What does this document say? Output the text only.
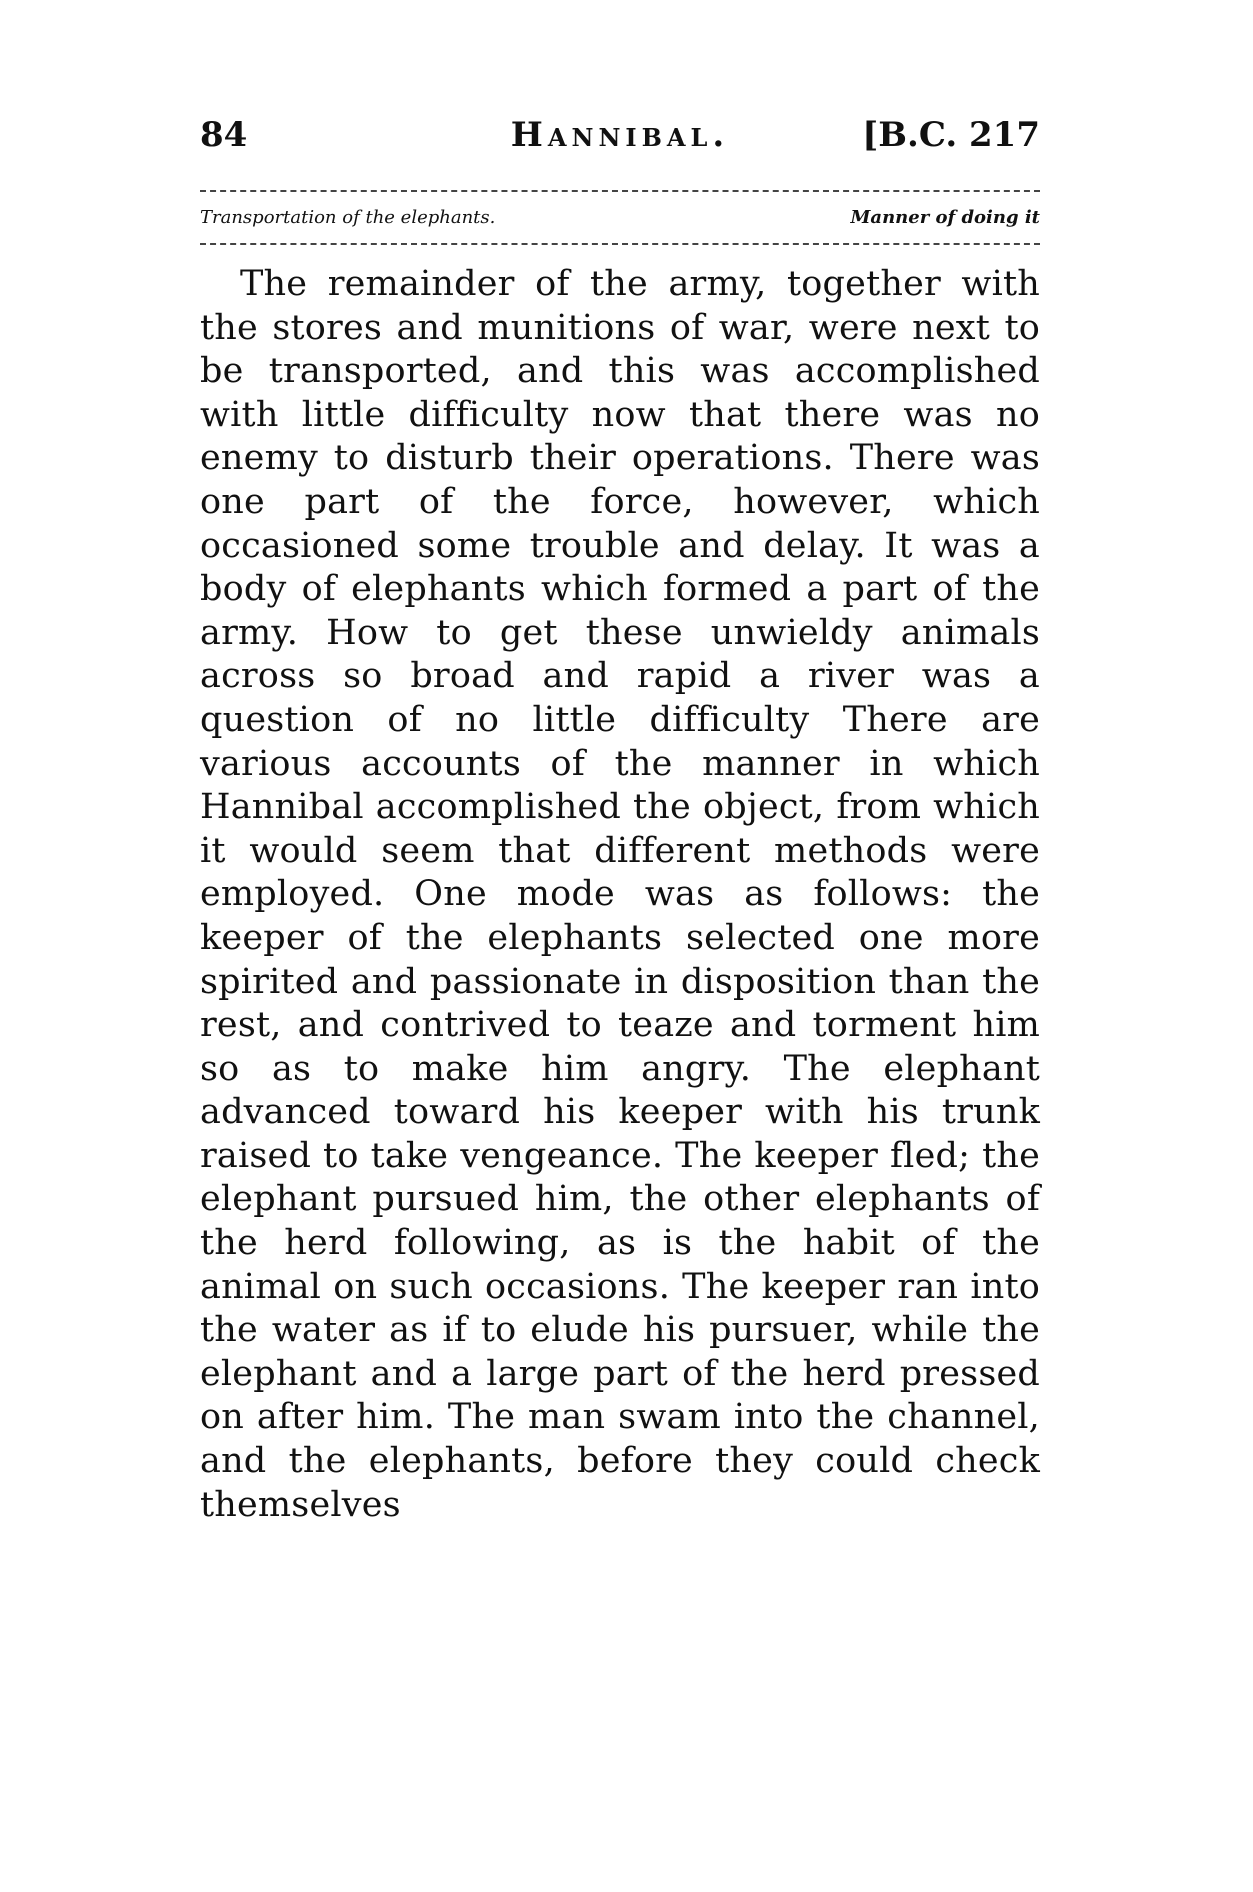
84	Hannibal.	[B.C. 217
Transportation of the elephants.	Manner of doing it

The remainder of the army, together with the stores and munitions of war, were next to be transported, and this was accomplished with little difficulty now that there was no enemy to disturb their operations. There was one part of the force, however, which occasioned some trouble and delay. It was a body of elephants which formed a part of the army. How to get these unwieldy animals across so broad and rapid a river was a question of no little difficulty There are various accounts of the manner in which Hannibal accomplished the object, from which it would seem that different methods were employed. One mode was as follows: the keeper of the elephants selected one more spirited and passionate in disposition than the rest, and contrived to teaze and torment him so as to make him angry. The elephant advanced toward his keeper with his trunk raised to take vengeance. The keeper fled; the elephant pursued him, the other elephants of the herd following, as is the habit of the animal on such occasions. The keeper ran into the water as if to elude his pursuer, while the elephant and a large part of the herd pressed on after him. The man swam into the channel, and the elephants, before they could check themselves
